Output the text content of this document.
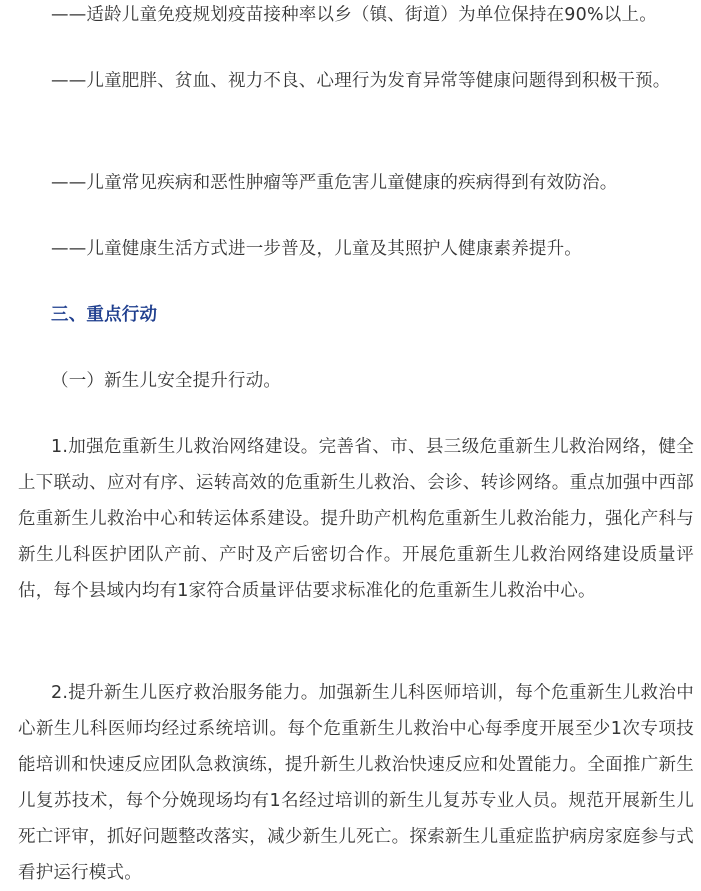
——适龄儿童免疫规划疫苗接种率以乡（镇、街道）为单位保持在90%以上。

——儿童肥胖、贫血、视力不良、心理行为发育异常等健康问题得到积极干预。

——儿童常见疾病和恶性肿瘤等严重危害儿童健康的疾病得到有效防治。

——儿童健康生活方式进一步普及，儿童及其照护人健康素养提升。

三、重点行动

（一）新生儿安全提升行动。

1.加强危重新生儿救治网络建设。完善省、市、县三级危重新生儿救治网络，健全上下联动、应对有序、运转高效的危重新生儿救治、会诊、转诊网络。重点加强中西部危重新生儿救治中心和转运体系建设。提升助产机构危重新生儿救治能力，强化产科与新生儿科医护团队产前、产时及产后密切合作。开展危重新生儿救治网络建设质量评估，每个县域内均有1家符合质量评估要求标准化的危重新生儿救治中心。

2.提升新生儿医疗救治服务能力。加强新生儿科医师培训，每个危重新生儿救治中心新生儿科医师均经过系统培训。每个危重新生儿救治中心每季度开展至少1次专项技能培训和快速反应团队急救演练，提升新生儿救治快速反应和处置能力。全面推广新生儿复苏技术，每个分娩现场均有1名经过培训的新生儿复苏专业人员。规范开展新生儿死亡评审，抓好问题整改落实，减少新生儿死亡。探索新生儿重症监护病房家庭参与式看护运行模式。
